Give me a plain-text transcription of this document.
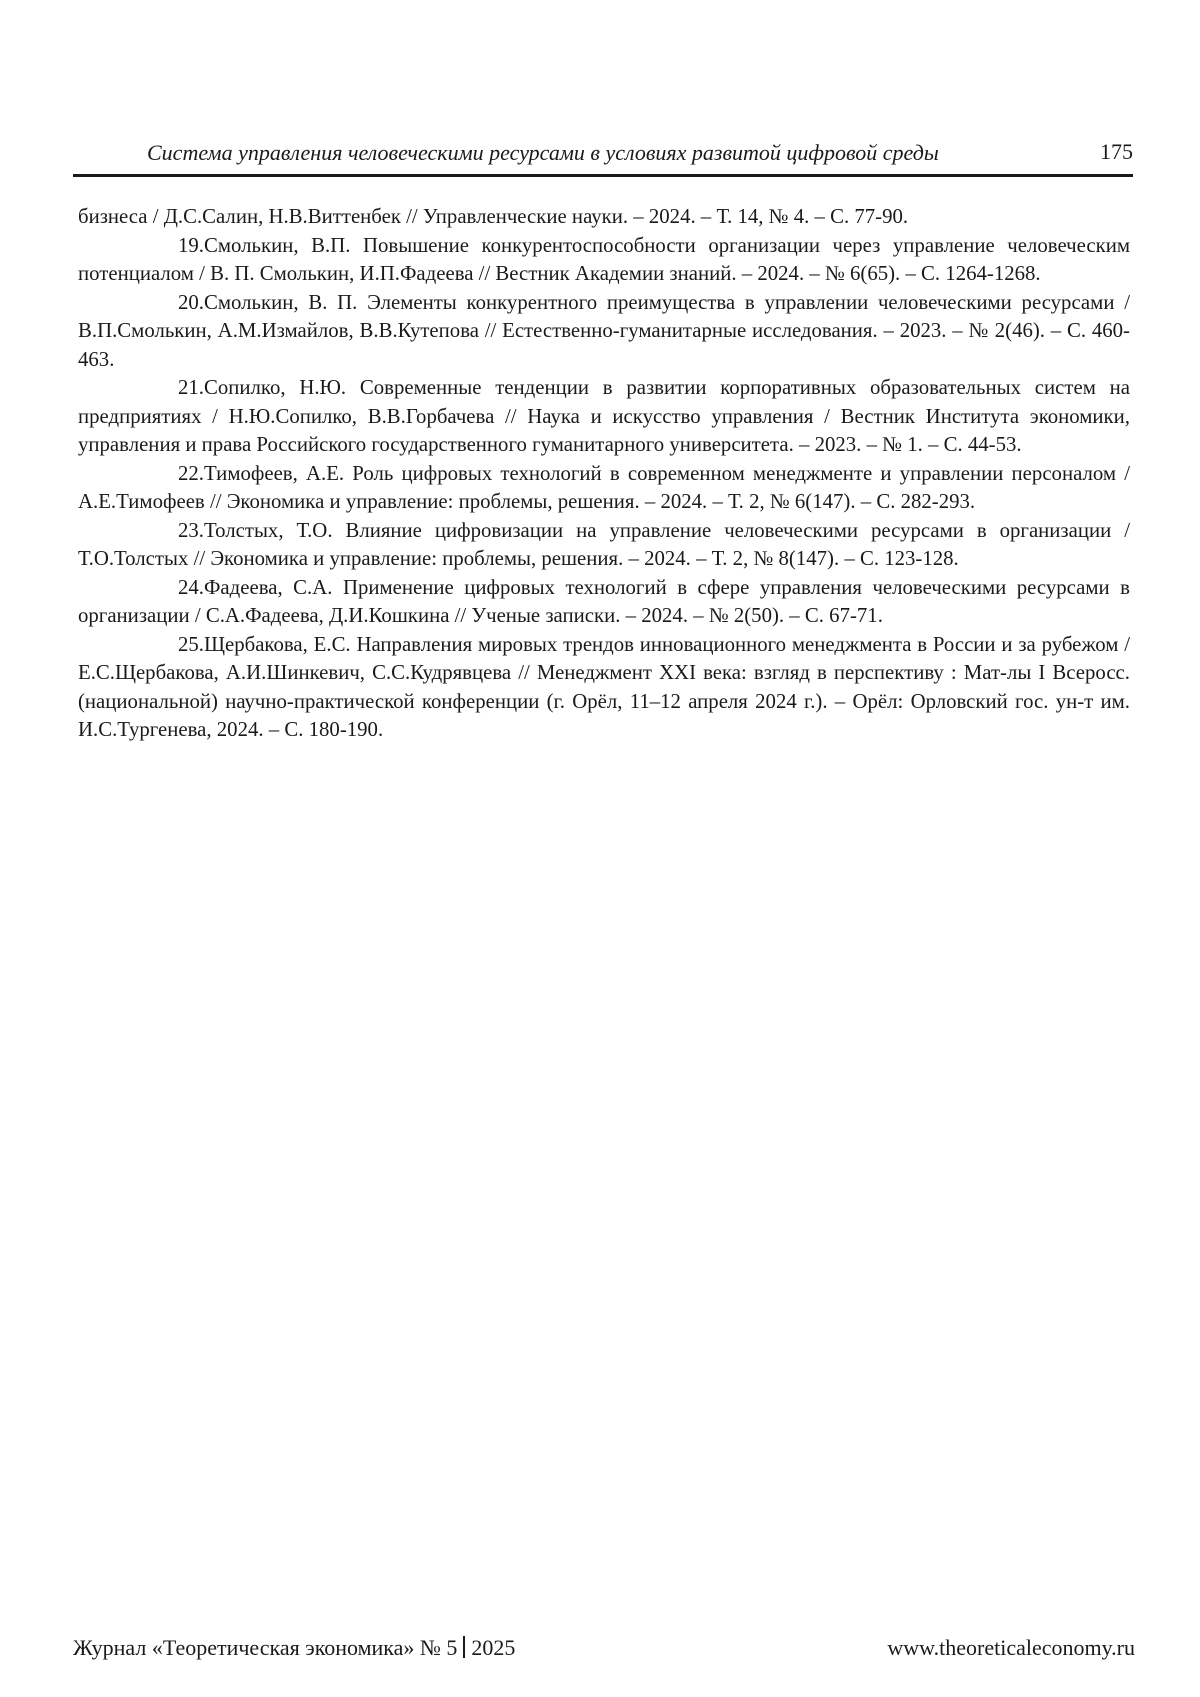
Система управления человеческими ресурсами в условиях развитой цифровой среды	175

бизнеса / Д.С.Салин, Н.В.Виттенбек // Управленческие науки. – 2024. – Т. 14, № 4. – С. 77-90.

19.Смолькин, В.П. Повышение конкурентоспособности организации через управление человеческим потенциалом / В. П. Смолькин, И.П.Фадеева // Вестник Академии знаний. – 2024. – № 6(65). – С. 1264-1268.

20.Смолькин, В. П. Элементы конкурентного преимущества в управлении человеческими ресурсами / В.П.Смолькин, А.М.Измайлов, В.В.Кутепова // Естественно-гуманитарные исследования. – 2023. – № 2(46). – С. 460-463.

21.Сопилко, Н.Ю. Современные тенденции в развитии корпоративных образовательных систем на предприятиях / Н.Ю.Сопилко, В.В.Горбачева // Наука и искусство управления / Вестник Института экономики, управления и права Российского государственного гуманитарного университета. – 2023. – № 1. – С. 44-53.

22.Тимофеев, А.Е. Роль цифровых технологий в современном менеджменте и управлении персоналом / А.Е.Тимофеев // Экономика и управление: проблемы, решения. – 2024. – Т. 2, № 6(147). – С. 282-293.

23.Толстых, Т.О. Влияние цифровизации на управление человеческими ресурсами в организации / Т.О.Толстых // Экономика и управление: проблемы, решения. – 2024. – Т. 2, № 8(147). – С. 123-128.

24.Фадеева, С.А. Применение цифровых технологий в сфере управления человеческими ресурсами в организации / С.А.Фадеева, Д.И.Кошкина // Ученые записки. – 2024. – № 2(50). – С. 67-71.

25.Щербакова, Е.С. Направления мировых трендов инновационного менеджмента в России и за рубежом / Е.С.Щербакова, А.И.Шинкевич, С.С.Кудрявцева // Менеджмент XXI века: взгляд в перспективу : Мат-лы I Всеросс. (национальной) научно-практической конференции (г. Орёл, 11–12 апреля 2024 г.). – Орёл: Орловский гос. ун-т им. И.С.Тургенева, 2024. – С. 180-190.

Журнал «Теоретическая экономика» № 5 2025	www.theoreticaleconomy.ru
